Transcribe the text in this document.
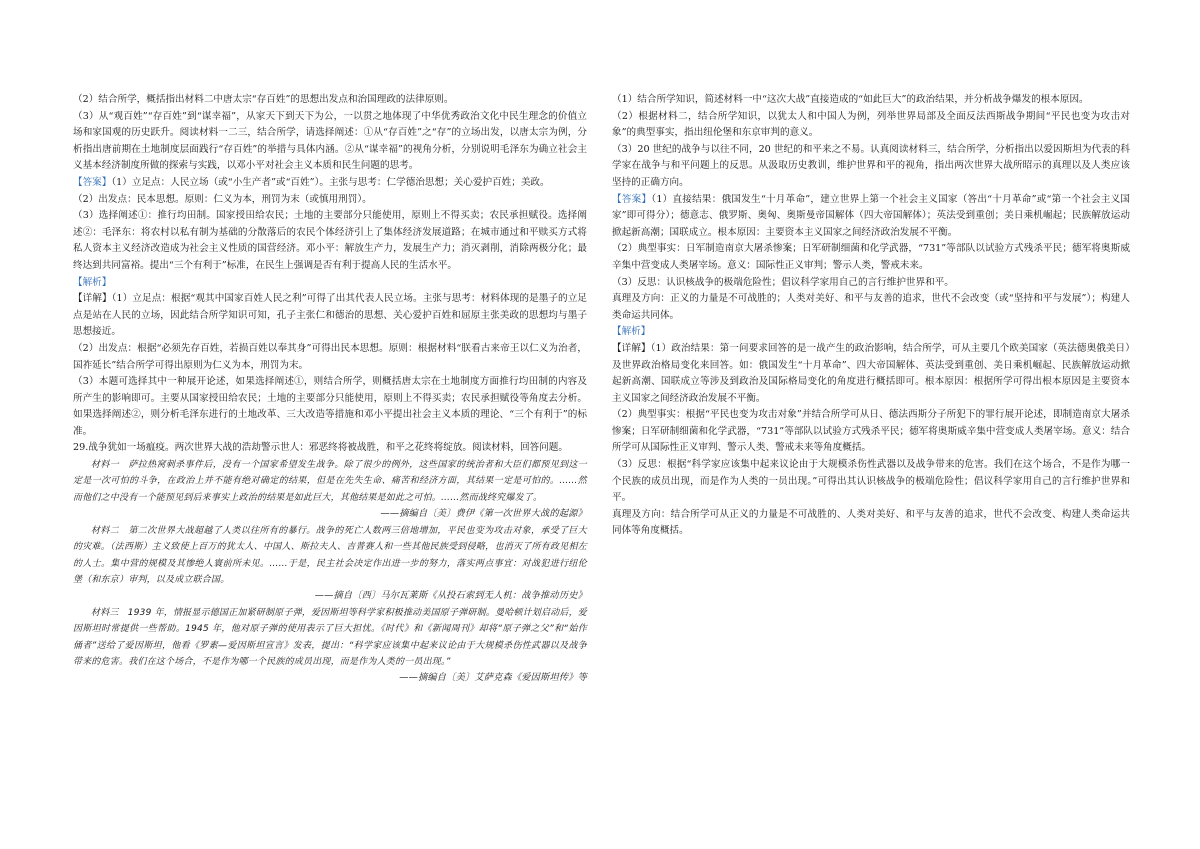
（2）结合所学，概括指出材料二中唐太宗“存百姓”的思想出发点和治国理政的法律原则。

（3）从“观百姓”“存百姓”到“谋幸福”，从家天下到天下为公，一以贯之地体现了中华优秀政治文化中民生理念的价值立场和家国观的历史跃升。阅读材料一二三，结合所学，请选择阐述：①从“存百姓”之“存”的立场出发，以唐太宗为例，分析指出唐前期在土地制度层面践行“存百姓”的举措与具体内涵。②从“谋幸福”的视角分析，分别说明毛泽东为确立社会主义基本经济制度所做的探索与实践，以邓小平对社会主义本质和民生问题的思考。

【答案】（1）立足点：人民立场（或“小生产者”或“百姓”）。主张与思考：仁学德治思想；关心爱护百姓；美政。

（2）出发点：民本思想。原则：仁义为本，刑罚为末（或慎用刑罚）。

（3）选择阐述①：推行均田制。国家授田给农民；土地的主要部分只能使用，原则上不得买卖；农民承担赋役。选择阐述②：毛泽东：将农村以私有制为基础的分散落后的农民个体经济引上了集体经济发展道路；在城市通过和平赎买方式将私人资本主义经济改造成为社会主义性质的国营经济。邓小平：解放生产力，发展生产力；消灭剥削，消除两极分化；最终达到共同富裕。提出“三个有利于”标准，在民生上强调是否有利于提高人民的生活水平。

【解析】

【详解】（1）立足点：根据“观其中国家百姓人民之利”可得了出其代表人民立场。主张与思考：材料体现的是墨子的立足点是站在人民的立场，因此结合所学知识可知，孔子主张仁和德治的思想、关心爱护百姓和屈原主张美政的思想均与墨子思想接近。

（2）出发点：根据“必须先存百姓，若损百姓以奉其身”可得出民本思想。原则：根据材料“朕看古来帝王以仁义为治者，国祚延长”结合所学可得出原则为仁义为本，刑罚为末。

（3）本题可选择其中一种展开论述，如果选择阐述①，则结合所学，则概括唐太宗在土地制度方面推行均田制的内容及所产生的影响即可。主要从国家授田给农民；土地的主要部分只能使用，原则上不得买卖；农民承担赋役等角度去分析。如果选择阐述②，则分析毛泽东进行的土地改革、三大改造等措施和邓小平提出社会主义本质的理论、“三个有利于”的标准。

29.战争犹如一场瘟疫。两次世界大战的浩劫警示世人：邪恶终将被战胜，和平之花终将绽放。阅读材料，回答问题。

材料一　萨拉热窝刺杀事件后，没有一个国家希望发生战争。除了很少的例外，这些国家的统治者和大臣们都预见到这一定是一次可怕的斗争，在政治上并不能有绝对确定的结果，但是在先失生命、痛苦和经济方面，其结果一定是可怕的。……然而他们之中没有一个能预见到后来事实上政治的结果是如此巨大，其他结果是如此之可怕。……然而战终究爆发了。

——摘编自〔美〕费伊《第一次世界大战的起源》

材料二　第二次世界大战超越了人类以往所有的暴行。战争的死亡人数两三倍地增加，平民也变为攻击对象，承受了巨大的灾难。（法西斯）主义致使上百万的犹太人、中国人、斯拉夫人、吉普赛人和一些其他民族受到侵略，也消灭了所有政见相左的人士。集中营的规模及其惨绝人寰前所未见。……于是，民主社会决定作出进一步的努力，落实两点事宜：对战犯进行纽伦堡（和东京）审判，以及成立联合国。

——摘自〔西〕马尔瓦莱斯《从投石索到无人机：战争推动历史》

材料三　1939 年，情报显示德国正加紧研制原子弹，爱因斯坦等科学家积极推动美国原子弹研制。曼哈顿计划启动后，爱因斯坦时常提供一些帮助。1945 年，他对原子弹的使用表示了巨大担忧。《时代》和《新闻周刊》却将“原子弹之父”和“始作俑者”送给了爱因斯坦，他看《罗素—爱因斯坦宣言》发表，提出：“科学家应该集中起来议论由于大规模杀伤性武器以及战争带来的危害。我们在这个场合，不是作为哪一个民族的成员出现，而是作为人类的一员出现。”

——摘编自〔美〕艾萨克森《爱因斯坦传》等

（1）结合所学知识，简述材料一中“这次大战”直接造成的“如此巨大”的政治结果，并分析战争爆发的根本原因。

（2）根据材料二，结合所学知识，以犹太人和中国人为例，列举世界局部及全面反法西斯战争期间“平民也变为攻击对象”的典型事实，指出纽伦堡和东京审判的意义。

（3）20 世纪的战争与以往不同，20 世纪的和平来之不易。认真阅读材料三，结合所学，分析指出以爱因斯坦为代表的科学家在战争与和平问题上的反思。从汲取历史教训，维护世界和平的视角，指出两次世界大战所昭示的真理以及人类应该坚持的正确方向。

【答案】（1）直接结果：俄国发生“十月革命”，建立世界上第一个社会主义国家（答出“十月革命”或“第一个社会主义国家”即可得分）；德意志、俄罗斯、奥匈、奥斯曼帝国解体（四大帝国解体）；英法受到重创；美日乘机崛起；民族解放运动掀起新高潮；国联成立。根本原因：主要资本主义国家之间经济政治发展不平衡。

（2）典型事实：日军制造南京大屠杀惨案；日军研制细菌和化学武器，“731”等部队以试验方式残杀平民；德军将奥斯威辛集中营变成人类屠宰场。意义：国际性正义审判；警示人类，警戒未来。

（3）反思：认识核战争的极端危险性；倡议科学家用自己的言行维护世界和平。

真理及方向：正义的力量是不可战胜的；人类对美好、和平与友善的追求，世代不会改变（或“坚持和平与发展”）；构建人类命运共同体。

【解析】

【详解】（1）政治结果：第一问要求回答的是一战产生的政治影响，结合所学，可从主要几个欧美国家（英法德奥俄美日）及世界政治格局变化来回答。如：俄国发生“十月革命”、四大帝国解体、英法受到重创、美日乘机崛起、民族解放运动掀起新高潮、国联成立等涉及到政治及国际格局变化的角度进行概括即可。根本原因：根据所学可得出根本原因是主要资本主义国家之间经济政治发展不平衡。

（2）典型事实：根据“平民也变为攻击对象”并结合所学可从日、德法西斯分子所犯下的罪行展开论述，即制造南京大屠杀惨案；日军研制细菌和化学武器，“731”等部队以试验方式残杀平民；德军将奥斯威辛集中营变成人类屠宰场。意义：结合所学可从国际性正义审判、警示人类、警戒未来等角度概括。

（3）反思：根据“科学家应该集中起来议论由于大规模杀伤性武器以及战争带来的危害。我们在这个场合，不是作为哪一个民族的成员出现，而是作为人类的一员出现。”可得出其认识核战争的极端危险性；倡议科学家用自己的言行维护世界和平。

真理及方向：结合所学可从正义的力量是不可战胜的、人类对美好、和平与友善的追求，世代不会改变、构建人类命运共同体等角度概括。
